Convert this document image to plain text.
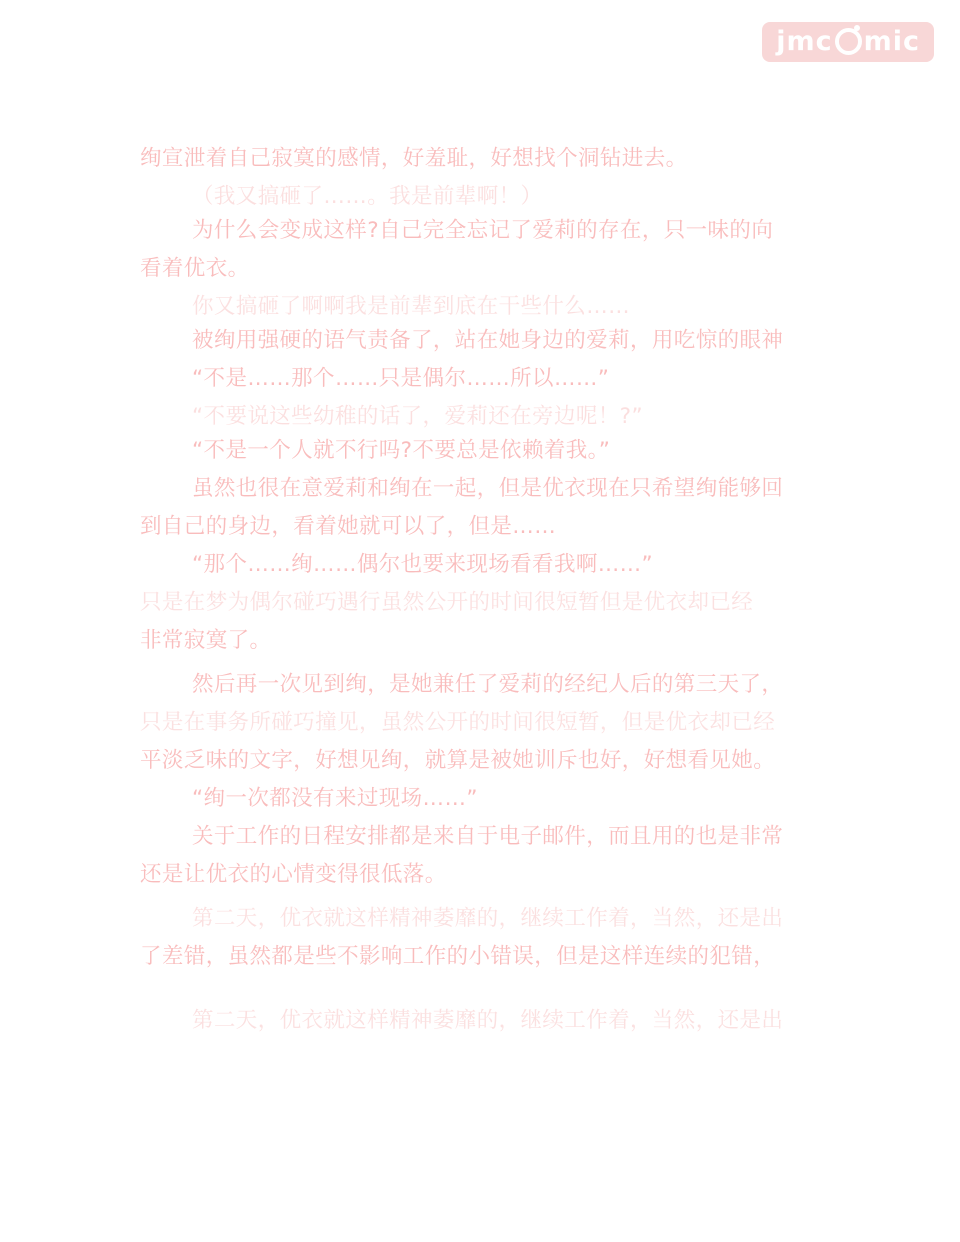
jmc mic

绚宣泄着自己寂寞的感情，好羞耻，好想找个洞钻进去。

（我又搞砸了……。我是前辈啊！）

为什么会变成这样?自己完全忘记了爱莉的存在，只一味的向

看着优衣。

你又搞砸了啊啊我是前辈到底在干些什么……

被绚用强硬的语气责备了，站在她身边的爱莉，用吃惊的眼神

“不是……那个……只是偶尔……所以……”

“不要说这些幼稚的话了，爱莉还在旁边呢！?”

“不是一个人就不行吗?不要总是依赖着我。”

虽然也很在意爱莉和绚在一起，但是优衣现在只希望绚能够回

到自己的身边，看着她就可以了，但是……

“那个……绚……偶尔也要来现场看看我啊……”

只是在梦为偶尔碰巧遇行虽然公开的时间很短暂但是优衣却已经

非常寂寞了。

然后再一次见到绚，是她兼任了爱莉的经纪人后的第三天了，

只是在事务所碰巧撞见，虽然公开的时间很短暂，但是优衣却已经

平淡乏味的文字，好想见绚，就算是被她训斥也好，好想看见她。

“绚一次都没有来过现场……”

关于工作的日程安排都是来自于电子邮件，而且用的也是非常

还是让优衣的心情变得很低落。

第二天，优衣就这样精神萎靡的，继续工作着，当然，还是出

了差错，虽然都是些不影响工作的小错误，但是这样连续的犯错，

第二天，优衣就这样精神萎靡的，继续工作着，当然，还是出
